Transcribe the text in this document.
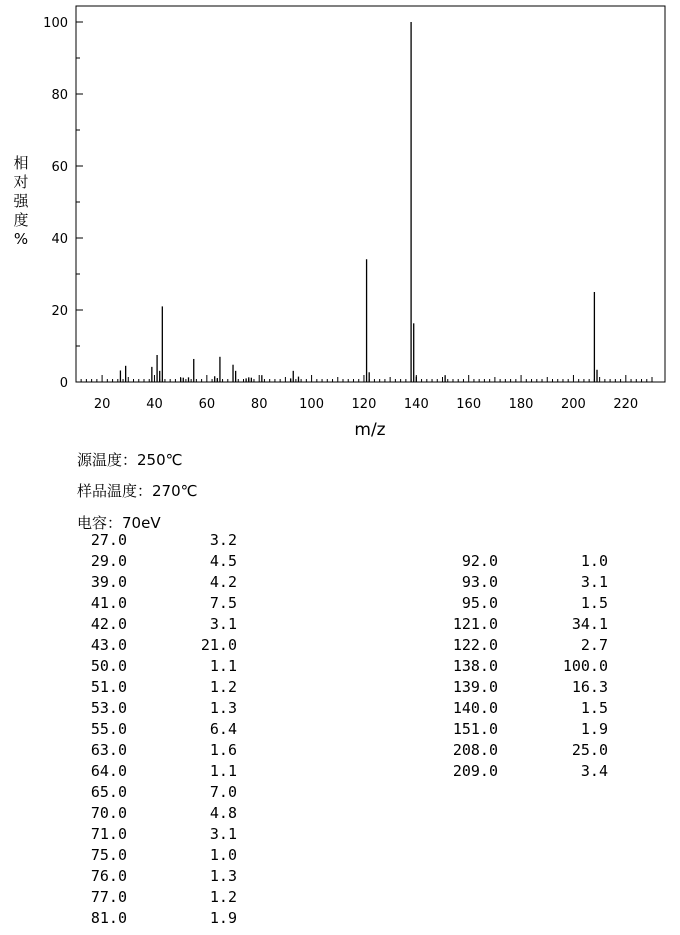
0
20
40
60
80
100
20	40	60	80 100 120 140 160 180 200 220
相
对
强
度
%
m/z
源温度：250℃
样品温度：270℃
电容：70eV
27.0	3.2
29.0	4.5
39.0	4.2
41.0	7.5
42.0	3.1
43.0	21.0
50.0	1.1
51.0	1.2
53.0	1.3
55.0	6.4
63.0	1.6
64.0	1.1
65.0	7.0
70.0	4.8
71.0	3.1
75.0	1.0
76.0	1.3
77.0	1.2
81.0	1.9
92.0	1.0
93.0	3.1
95.0	1.5
121.0	34.1
122.0	2.7
138.0	100.0
139.0	16.3
140.0	1.5
151.0	1.9
208.0	25.0
209.0	3.4
